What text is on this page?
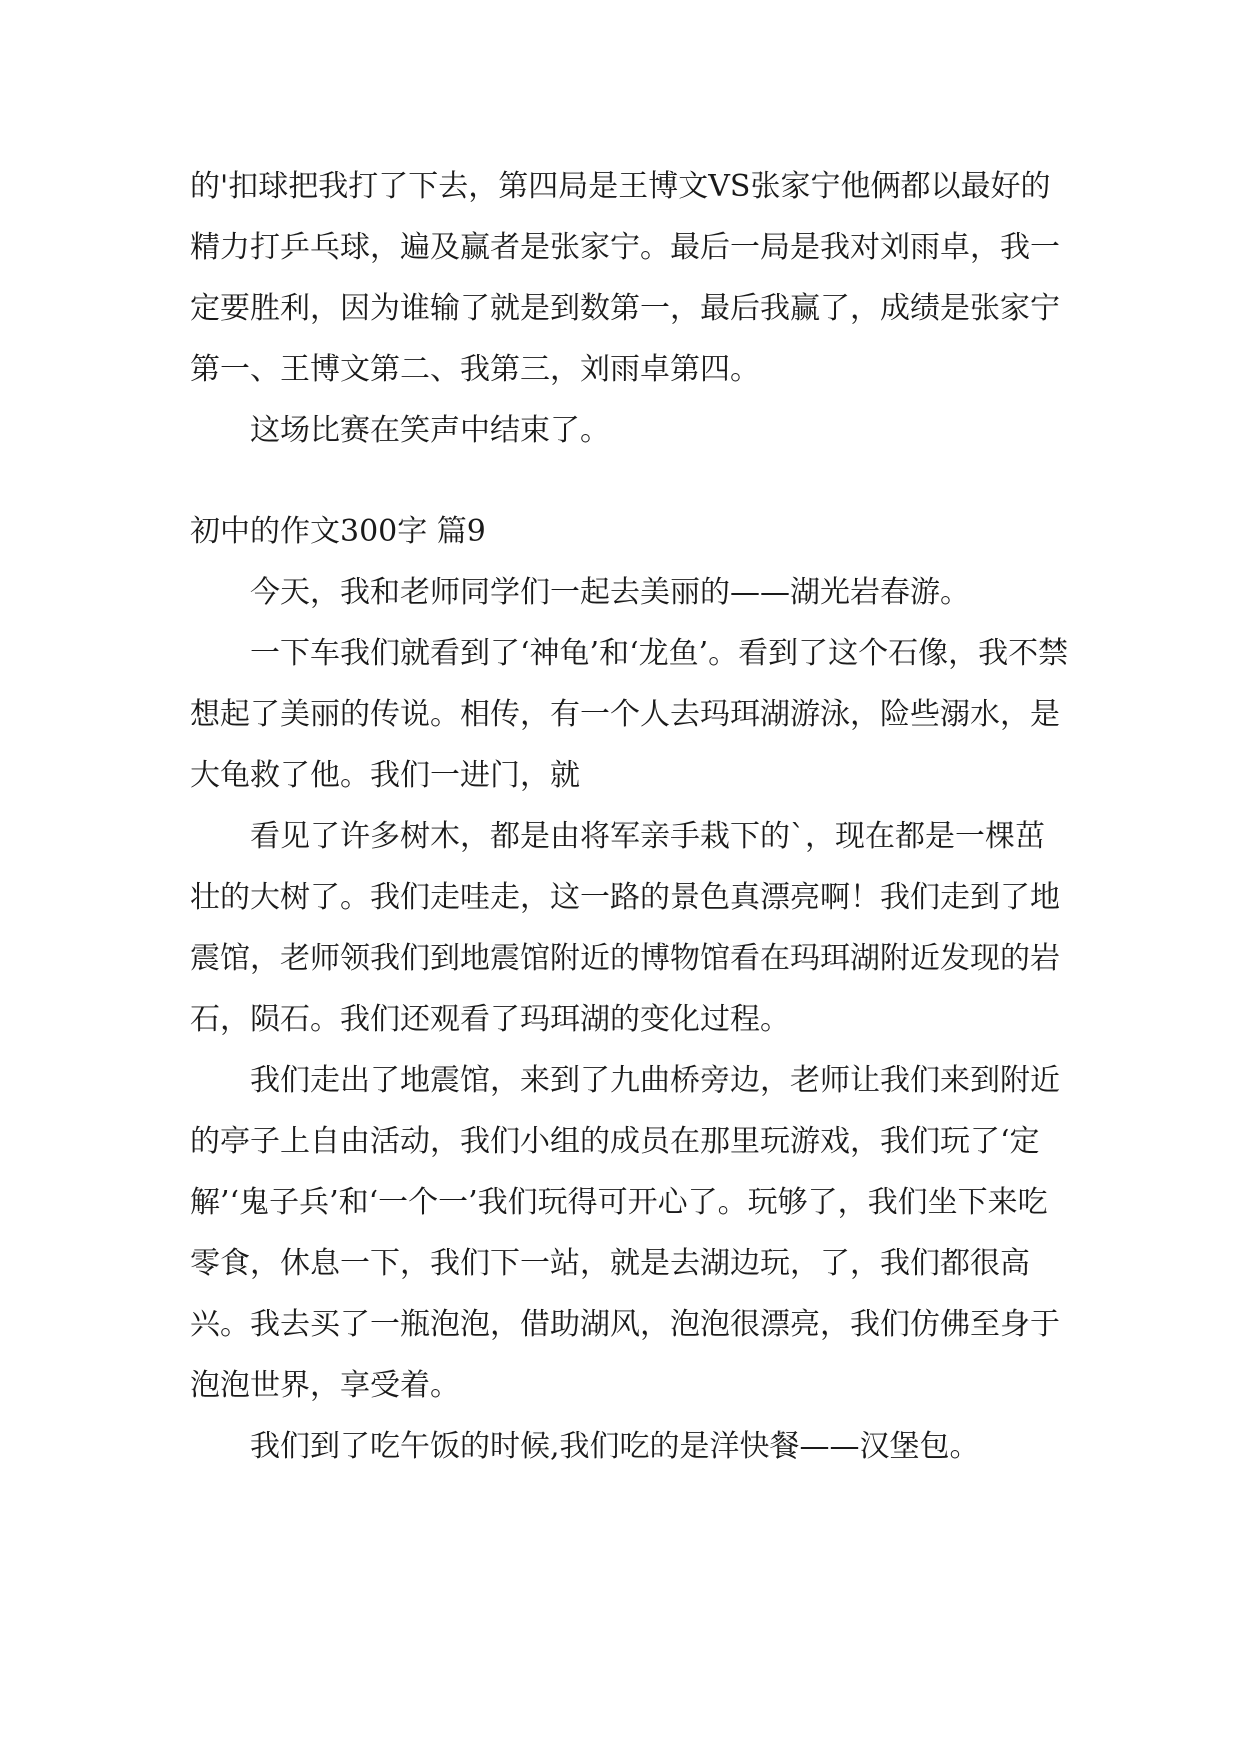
的'扣球把我打了下去，第四局是王博文VS张家宁他俩都以最好的精力打乒乓球，遍及赢者是张家宁。最后一局是我对刘雨卓，我一定要胜利，因为谁输了就是到数第一，最后我赢了，成绩是张家宁第一、王博文第二、我第三，刘雨卓第四。

这场比赛在笑声中结束了。

初中的作文300字 篇9

今天，我和老师同学们一起去美丽的——湖光岩春游。

一下车我们就看到了‘神龟’和‘龙鱼’。看到了这个石像，我不禁想起了美丽的传说。相传，有一个人去玛珥湖游泳，险些溺水，是大龟救了他。我们一进门，就

看见了许多树木，都是由将军亲手栽下的`，现在都是一棵茁壮的大树了。我们走哇走，这一路的景色真漂亮啊！我们走到了地震馆，老师领我们到地震馆附近的博物馆看在玛珥湖附近发现的岩石，陨石。我们还观看了玛珥湖的变化过程。

我们走出了地震馆，来到了九曲桥旁边，老师让我们来到附近的亭子上自由活动，我们小组的成员在那里玩游戏，我们玩了‘定解’‘鬼子兵’和‘一个一’我们玩得可开心了。玩够了，我们坐下来吃零食，休息一下，我们下一站，就是去湖边玩，了，我们都很高兴。我去买了一瓶泡泡，借助湖风，泡泡很漂亮，我们仿佛至身于泡泡世界，享受着。

我们到了吃午饭的时候,我们吃的是洋快餐——汉堡包。
